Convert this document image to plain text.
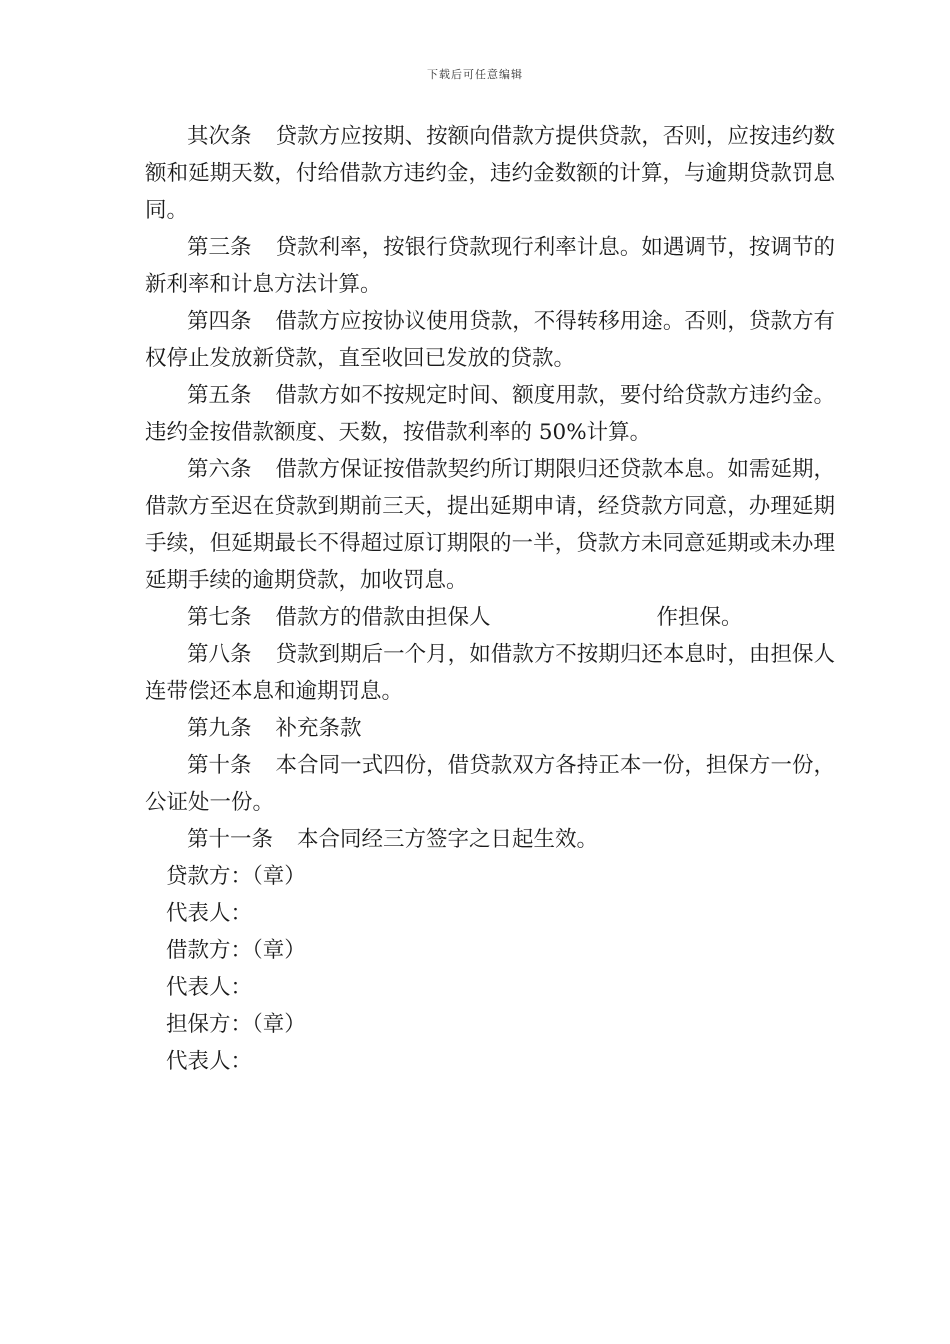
下载后可任意编辑

其次条 贷款方应按期、按额向借款方提供贷款，否则，应按违约数额和延期天数，付给借款方违约金，违约金数额的计算，与逾期贷款罚息同。

第三条 贷款利率，按银行贷款现行利率计息。如遇调节，按调节的新利率和计息方法计算。

第四条 借款方应按协议使用贷款，不得转移用途。否则，贷款方有权停止发放新贷款，直至收回已发放的贷款。

第五条 借款方如不按规定时间、额度用款，要付给贷款方违约金。违约金按借款额度、天数，按借款利率的 50%计算。

第六条 借款方保证按借款契约所订期限归还贷款本息。如需延期，借款方至迟在贷款到期前三天，提出延期申请，经贷款方同意，办理延期手续，但延期最长不得超过原订期限的一半，贷款方未同意延期或未办理延期手续的逾期贷款，加收罚息。

第七条 借款方的借款由担保人	作担保。

第八条 贷款到期后一个月，如借款方不按期归还本息时，由担保人连带偿还本息和逾期罚息。

第九条 补充条款

第十条 本合同一式四份，借贷款双方各持正本一份，担保方一份， 公证处一份。

第十一条 本合同经三方签字之日起生效。

贷款方：（章）

代表人：

借款方：（章）

代表人：

担保方：（章）

代表人：
